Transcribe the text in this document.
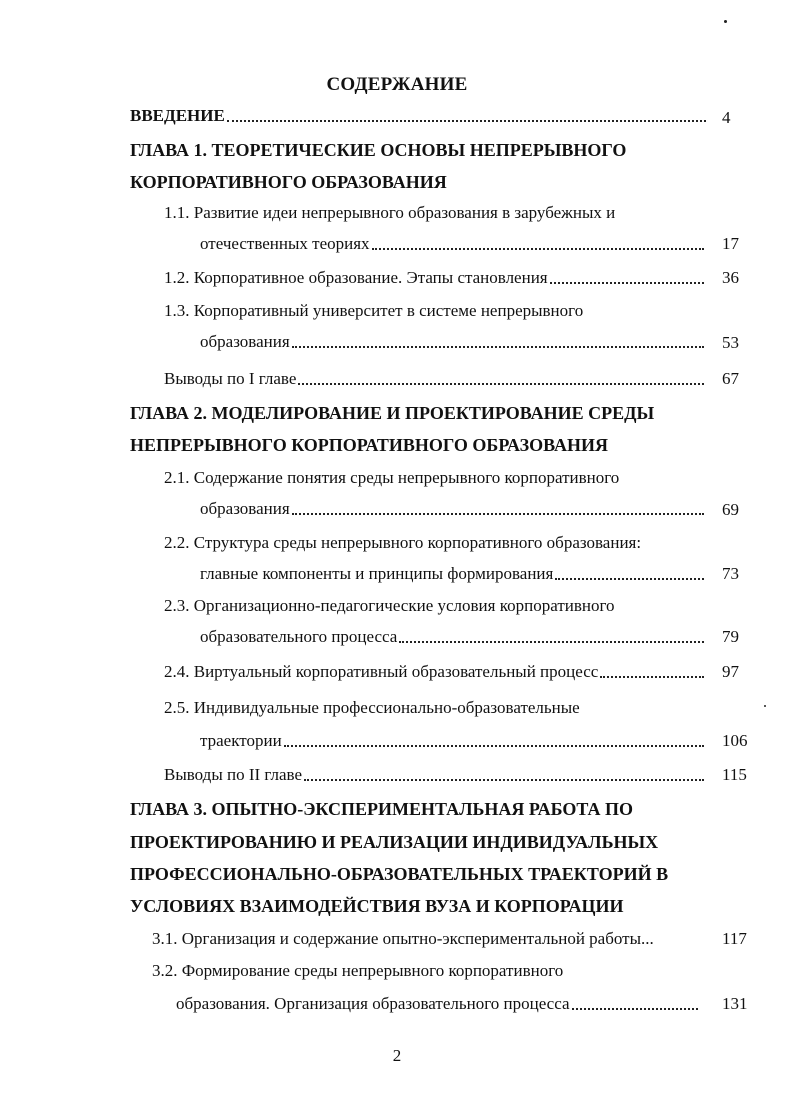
СОДЕРЖАНИЕ
ВВЕДЕНИЕ	4
ГЛАВА 1. ТЕОРЕТИЧЕСКИЕ ОСНОВЫ НЕПРЕРЫВНОГО
КОРПОРАТИВНОГО ОБРАЗОВАНИЯ
1.1. Развитие идеи непрерывного образования в зарубежных и
отечественных теориях	17
1.2. Корпоративное образование. Этапы становления	36
1.3. Корпоративный университет в системе непрерывного
образования	53
Выводы по I главе	67
ГЛАВА 2. МОДЕЛИРОВАНИЕ И ПРОЕКТИРОВАНИЕ СРЕДЫ
НЕПРЕРЫВНОГО КОРПОРАТИВНОГО ОБРАЗОВАНИЯ
2.1. Содержание понятия среды непрерывного корпоративного
образования	69
2.2. Структура среды непрерывного корпоративного образования:
главные компоненты и принципы формирования	73
2.3. Организационно-педагогические условия корпоративного
образовательного процесса	79
2.4. Виртуальный корпоративный образовательный процесс	97
2.5. Индивидуальные профессионально-образовательные
траектории	106
Выводы по II главе	115
ГЛАВА 3. ОПЫТНО-ЭКСПЕРИМЕНТАЛЬНАЯ РАБОТА ПО
ПРОЕКТИРОВАНИЮ И РЕАЛИЗАЦИИ ИНДИВИДУАЛЬНЫХ
ПРОФЕССИОНАЛЬНО-ОБРАЗОВАТЕЛЬНЫХ ТРАЕКТОРИЙ В
УСЛОВИЯХ ВЗАИМОДЕЙСТВИЯ ВУЗА И КОРПОРАЦИИ
3.1. Организация и содержание опытно-экспериментальной работы...	117
3.2. Формирование среды непрерывного корпоративного
образования. Организация образовательного процесса	131
2
